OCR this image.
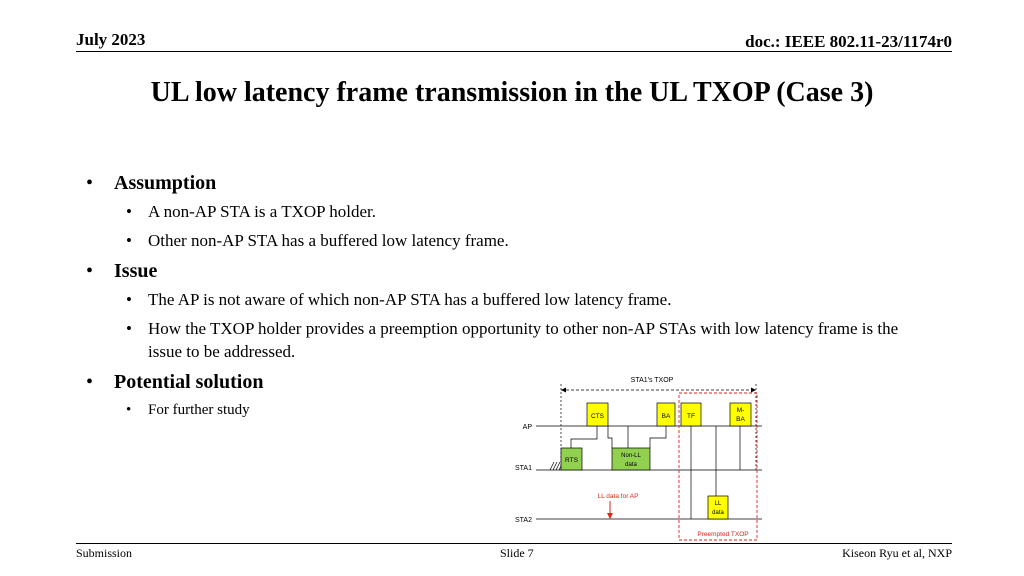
July 2023	doc.: IEEE 802.11-23/1174r0
UL low latency frame transmission in the UL TXOP (Case 3)
• Assumption
• A non-AP STA is a TXOP holder.
• Other non-AP STA has a buffered low latency frame.
• Issue
• The AP is not aware of which non-AP STA has a buffered low latency frame.
• How the TXOP holder provides a preemption opportunity to other non-AP STAs with low latency frame is the issue to be addressed.
• Potential solution
• For further study
STA1's TXOP
AP
STA1
STA2
CTS	BA	TF
M-
BA
RTS
Non-LL
data
LL data for AP
LL
data
Preempted TXOP
Submission	Slide 7	Kiseon Ryu et al, NXP
